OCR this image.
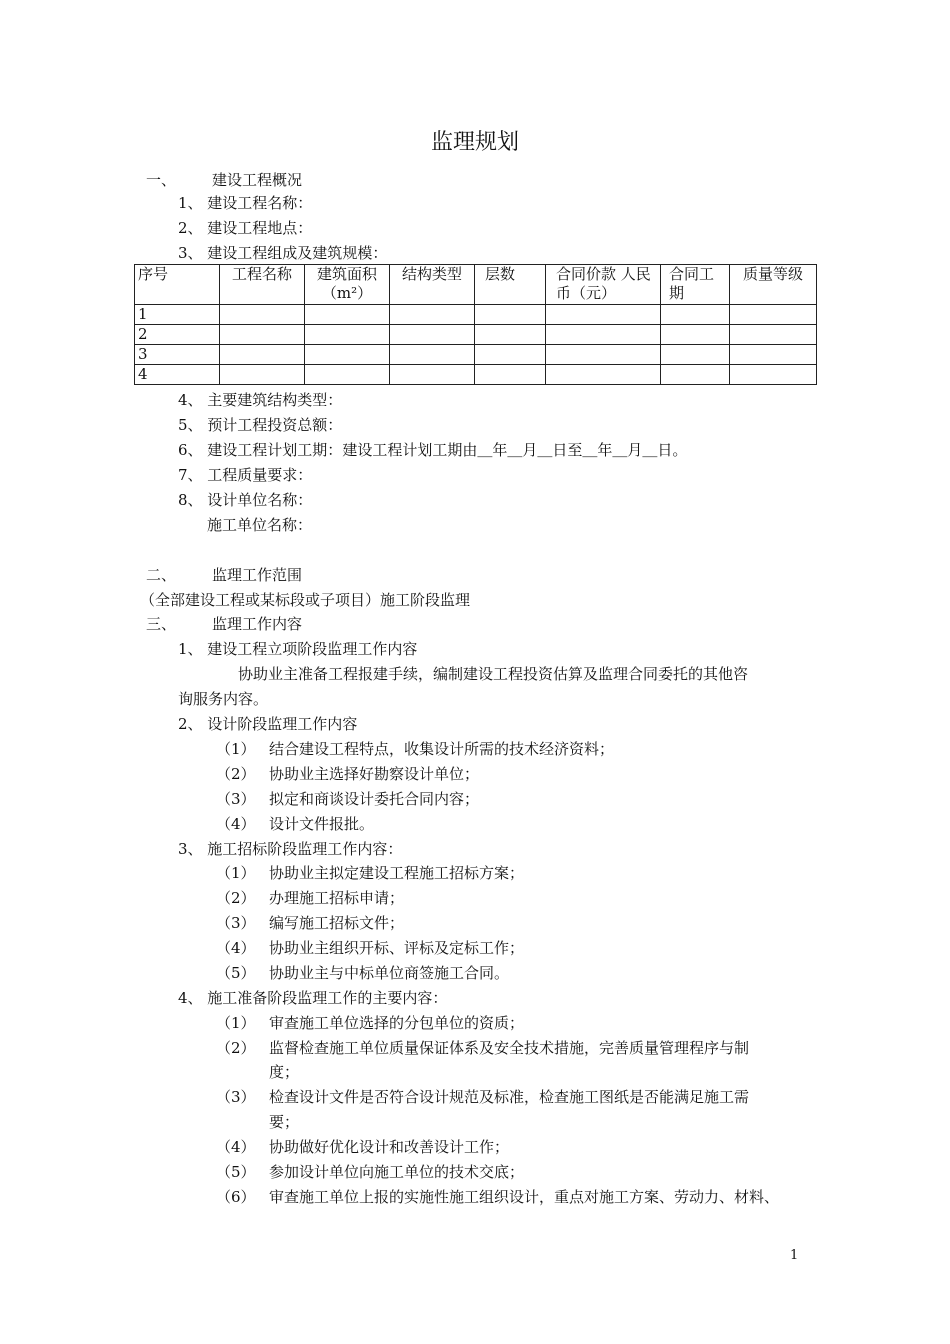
监理规划
一、 建设工程概况
1、 建设工程名称：
2、 建设工程地点：
3、 建设工程组成及建筑规模：
序号	工程名称	建筑面积（m²）	结构类型	层数	合同价款 人民币（元）	合同工期	质量等级
1							
2							
3							
4							
4、 主要建筑结构类型：
5、 预计工程投资总额：
6、 建设工程计划工期：建设工程计划工期由＿年＿月＿日至＿年＿月＿日。
7、 工程质量要求：
8、 设计单位名称：
施工单位名称：
二、 监理工作范围
（全部建设工程或某标段或子项目）施工阶段监理
三、 监理工作内容
1、 建设工程立项阶段监理工作内容
协助业主准备工程报建手续，编制建设工程投资估算及监理合同委托的其他咨
询服务内容。
2、 设计阶段监理工作内容
（1） 结合建设工程特点，收集设计所需的技术经济资料；
（2） 协助业主选择好勘察设计单位；
（3） 拟定和商谈设计委托合同内容；
（4） 设计文件报批。
3、 施工招标阶段监理工作内容：
（1） 协助业主拟定建设工程施工招标方案；
（2） 办理施工招标申请；
（3） 编写施工招标文件；
（4） 协助业主组织开标、评标及定标工作；
（5） 协助业主与中标单位商签施工合同。
4、 施工准备阶段监理工作的主要内容：
（1） 审查施工单位选择的分包单位的资质；
（2） 监督检查施工单位质量保证体系及安全技术措施，完善质量管理程序与制
度；
（3） 检查设计文件是否符合设计规范及标准，检查施工图纸是否能满足施工需
要；
（4） 协助做好优化设计和改善设计工作；
（5） 参加设计单位向施工单位的技术交底；
（6） 审查施工单位上报的实施性施工组织设计，重点对施工方案、劳动力、材料、
1
